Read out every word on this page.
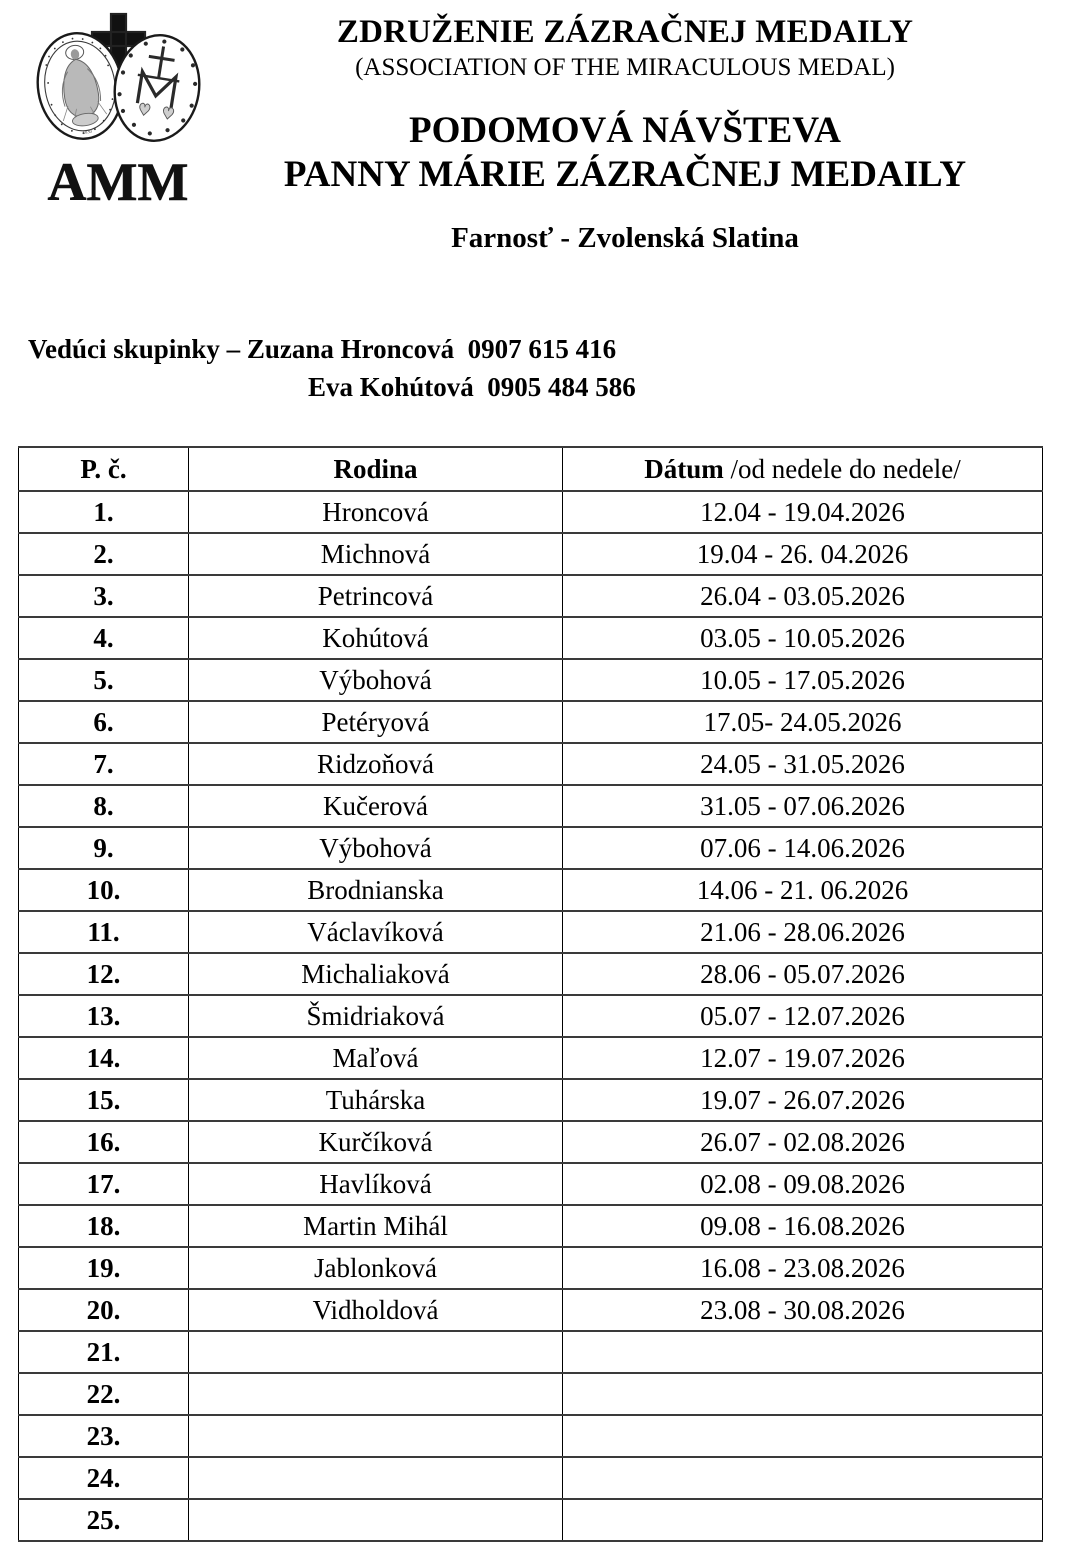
1830
AMM
ZDRUŽENIE ZÁZRAČNEJ MEDAILY
(ASSOCIATION OF THE MIRACULOUS MEDAL)
PODOMOVÁ NÁVŠTEVA
PANNY MÁRIE ZÁZRAČNEJ MEDAILY
Farnosť - Zvolenská Slatina
Vedúci skupinky – Zuzana Hroncová 0907 615 416
Eva Kohútová 0905 484 586
P. č.	Rodina	Dátum /od nedele do nedele/
1.	Hroncová	12.04 - 19.04.2026
2.	Michnová	19.04 - 26. 04.2026
3.	Petrincová	26.04 - 03.05.2026
4.	Kohútová	03.05 - 10.05.2026
5.	Výbohová	10.05 - 17.05.2026
6.	Petéryová	17.05- 24.05.2026
7.	Ridzoňová	24.05 - 31.05.2026
8.	Kučerová	31.05 - 07.06.2026
9.	Výbohová	07.06 - 14.06.2026
10.	Brodnianska	14.06 - 21. 06.2026
11.	Václavíková	21.06 - 28.06.2026
12.	Michaliaková	28.06 - 05.07.2026
13.	Šmidriaková	05.07 - 12.07.2026
14.	Maľová	12.07 - 19.07.2026
15.	Tuhárska	19.07 - 26.07.2026
16.	Kurčíková	26.07 - 02.08.2026
17.	Havlíková	02.08 - 09.08.2026
18.	Martin Mihál	09.08 - 16.08.2026
19.	Jablonková	16.08 - 23.08.2026
20.	Vidholdová	23.08 - 30.08.2026
21.		
22.		
23.		
24.		
25.		
